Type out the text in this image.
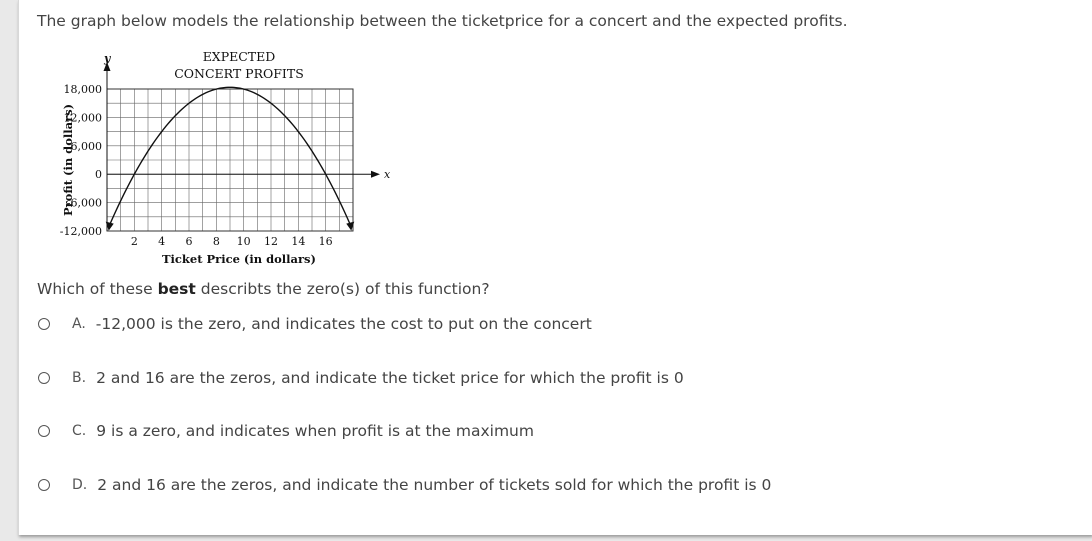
The graph below models the relationship between the ticketprice for a concert and the expected profits.
x
y	EXPECTED
CONCERT PROFITS
18,000
12,000
6,000
0
-6,000
-12,000
2 4 6 8 10 12 14 16
Ticket Price (in dollars)
Profit (in dollars)
Which of these best describts the zero(s) of this function?
A. -12,000 is the zero, and indicates the cost to put on the concert
B. 2 and 16 are the zeros, and indicate the ticket price for which the profit is 0
C. 9 is a zero, and indicates when profit is at the maximum
D. 2 and 16 are the zeros, and indicate the number of tickets sold for which the profit is 0
